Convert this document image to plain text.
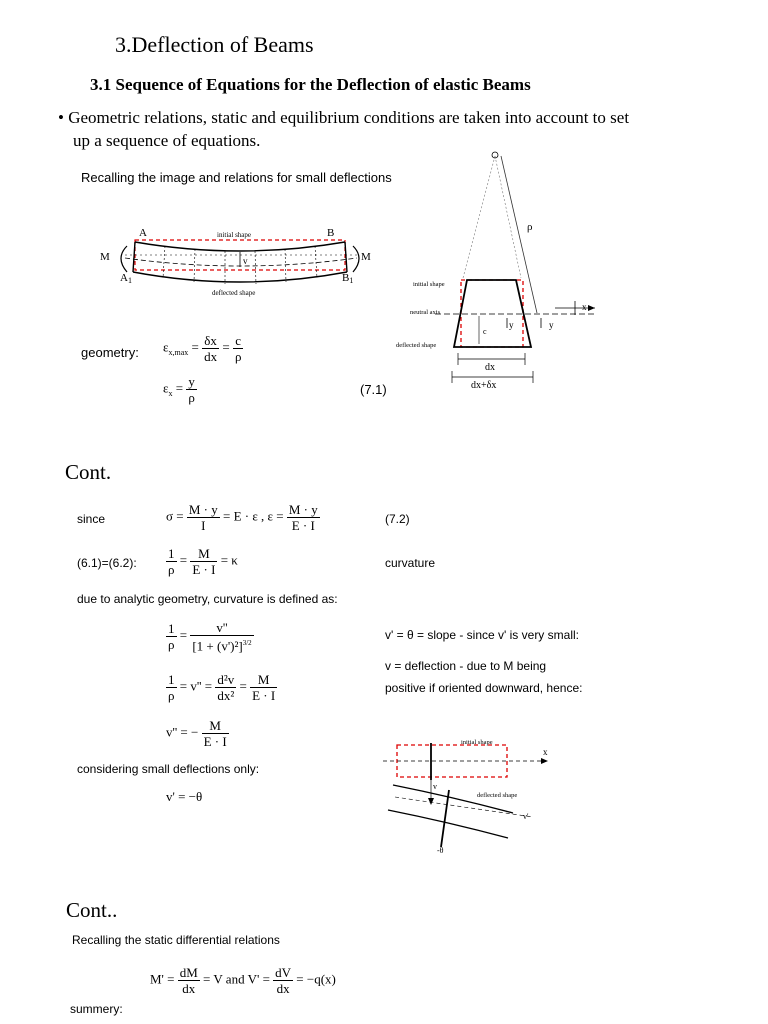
3.Deflection of Beams
3.1 Sequence of Equations for the Deflection of elastic Beams
• Geometric relations, static and equilibrium conditions are taken into account to set
up a sequence of equations.
Recalling the image and relations for small deflections
A	B
A1	B1
M	M
initial shape
deflected shape
v
ρ
x
y	y
c
initial shape
neutral axis
deflected shape
dx
dx+δx
geometry: $\varepsilon_{x,max} = \frac{\delta x}{dx} = \frac{c}{\rho}$
$\varepsilon_x = \frac{y}{\rho}$	(7.1)
Cont.
since	$\sigma = \frac{M \cdot y}{I} = E \cdot \varepsilon$ , $\varepsilon = \frac{M \cdot y}{E \cdot I}$	(7.2)
(6.1)=(6.2): $\frac{1}{\rho} = \frac{M}{E \cdot I} = \kappa$	curvature
due to analytic geometry, curvature is defined as:
$\frac{1}{\rho} = \frac{v''}{[1 + (v')^2]^{3/2}}$	v' = θ = slope - since v' is very small:
v = deflection - due to M being
positive if oriented downward, hence:
$\frac{1}{\rho} = v'' = \frac{\text{d²v}}{\text{dx²}} = \frac{M}{E \cdot I}$
v'' = − $\frac{M}{E \cdot I}$
considering small deflections only:
v' = −θ
x
v
v'
-θ
initial shape
deflected shape
Cont..
Recalling the static differential relations
$M' = \frac{dM}{dx} = V$ and $V' = \frac{dV}{dx} = -q(x)$
summery:
